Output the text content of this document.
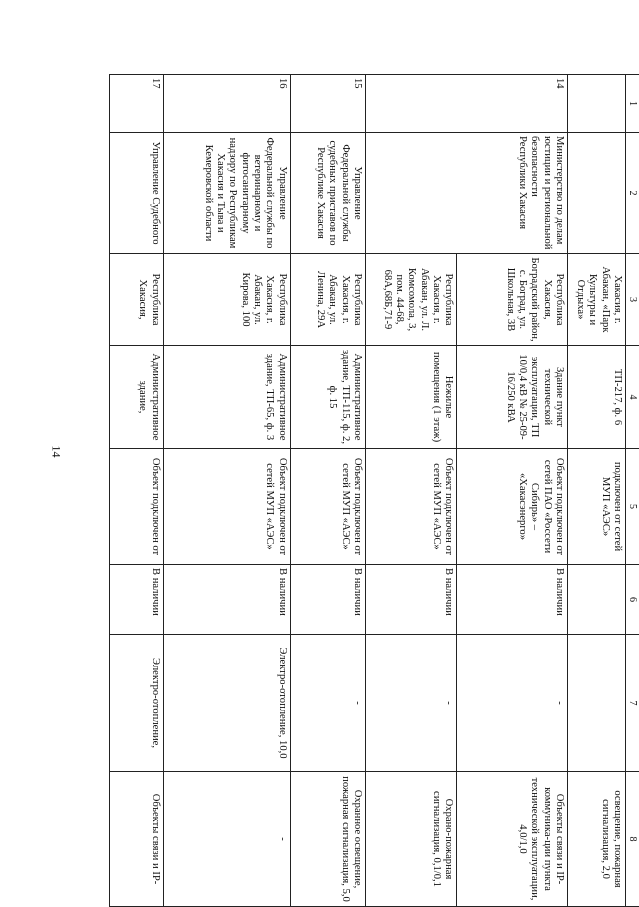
14
1	2	3	4	5	6	7	8
		Хакасия, г. Абакан, «Парк Культуры и Отдыха»	ТП-217, ф. 6	подключен от сетей МУП «АЭС»			освещение, пожарная сигнализация, 2,0
14	Министерство по делам юстиции и региональной безопасности Республики Хакасия	Республика Хакасия, Боградский район, с. Боград, ул. Школьная, 3В	Здание пункт технической эксплуатации, ТП 10/0,4 кВ № 25-09-16/250 кВА	Объект подключен от сетей ПАО «Россети Сибирь» – «Хакасэнерго»	В наличии	-	Объекты связи и IP-коммуника-ции пункта технической эксплуатации, 4,0/1,0
		Республика Хакасия, г. Абакан, ул. Л. Комсомола, 3, пом. 44-68, 68А,68Б,71-9	Нежилые помещения (1 этаж)	Объект подключен от сетей МУП «АЭС»	В наличии	-	Охрано-пожарная сигнализация, 0,1/0,1
15	Управление Федеральной службы судебных приставов по Республике Хакасия	Республика Хакасия, г. Абакан, ул. Ленина, 29А	Административное здание, ТП-115, ф. 2, ф. 15	Объект подключен от сетей МУП «АЭС»	В наличии	-	Охранное освещение, пожарная сигнализация, 5,0
16	Управление Федеральной службы по ветеринарному и фитосанитарному надзору по Республикам Хакасия и Тыва и Кемеровской области	Республика Хакасия, г. Абакан, ул. Кирова, 100	Административное здание, ТП-65, ф. 3	Объект подключен от сетей МУП «АЭС»	В наличии	Электро-отопление, 10,0	-
17	Управление Судебного	Республика Хакасия,	Административное здание,	Объект подключен от	В наличии	Электро-отопление,	Объекты связи и IP-
